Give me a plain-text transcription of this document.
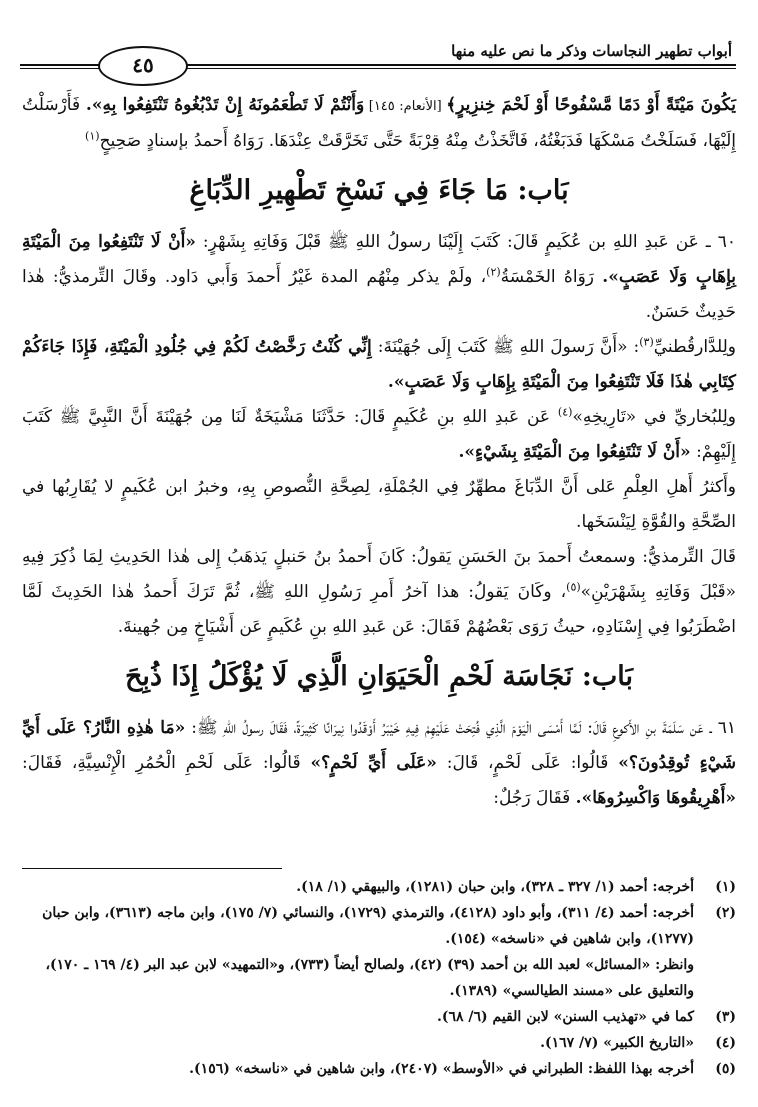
أبواب تطهير النجاسات وذكر ما نص عليه منها
٤٥

يَكُونَ مَيْتَةً أَوْ دَمًا مَّسْفُوحًا أَوْ لَحْمَ خِنزِيرٍ﴾ [الأنعام: ١٤٥] وَأَنْتُمْ لَا تَطْعَمُونَهُ إِنْ تَدْبُغُوهُ تَنْتَفِعُوا بِهِ». فَأَرْسَلْتُ إِلَيْهَا، فَسَلَخْتُ مَسْكَهَا فَدَبَغْتُهُ، فَاتَّخَذْتُ مِنْهُ قِرْبَةً حَتَّى تَخَرَّقَتْ عِنْدَهَا. رَوَاهُ أَحمدُ بإسنادٍ صَحِيحٍ$^{(١)}$

بَاب: مَا جَاءَ فِي نَسْخِ تَطْهِيرِ الدِّبَاغِ

٦٠ ـ عَن عَبدِ اللهِ بن عُكَيمٍ قَالَ: كَتَبَ إِلَيْنَا رسولُ اللهِ ﷺ قَبْلَ وَفَاتِهِ بِشَهْرٍ: «أَنْ لَا تَنْتَفِعُوا مِنَ الْمَيْتَةِ بِإِهَابٍ وَلَا عَصَبٍ». رَوَاهُ الخَمْسَةُ$^{(٢)}$، ولَمْ يذكر مِنْهُم المدة غَيْرُ أَحمدَ وَأَبي دَاود. وقَالَ التِّرمذيُّ: هٰذا حَدِيثٌ حَسَنٌ.

ولِلدَّارقُطنيِّ$^{(٣)}$: «أَنَّ رَسولَ اللهِ ﷺ كَتَبَ إِلَى جُهَيْنَةَ: إِنِّي كُنْتُ رَخَّصْتُ لَكُمْ فِي جُلُودِ الْمَيْتَةِ، فَإِذَا جَاءَكُمْ كِتَابِي هٰذَا فَلَا تَنْتَفِعُوا مِنَ الْمَيْتَةِ بِإِهَابٍ وَلَا عَصَبٍ».

ولِلبُخاريِّ في «تَارِيخِهِ»$^{(٤)}$ عَن عَبدِ اللهِ بنِ عُكَيمٍ قَالَ: حَدَّثَنَا مَشْيَخَةٌ لَنَا مِن جُهَيْنَةَ أَنَّ النَّبِيَّ ﷺ كَتَبَ إِلَيْهِمْ: «أَنْ لَا تَنْتَفِعُوا مِنَ الْمَيْتَةِ بِشَيْءٍ».

وأَكثرُ أَهلِ العِلْمِ عَلى أَنَّ الدِّبَاغَ مطهِّرٌ فِي الجُمْلَةِ، لِصِحَّةِ النُّصوصِ بِهِ، وخبرُ ابن عُكَيمٍ لا يُقَارِبُها في الصِّحَّةِ والقُوَّةِ لِيَنْسَخَها.

قَالَ التِّرمذيُّ: وسمعتُ أَحمدَ بنَ الحَسَنِ يَقولُ: كَانَ أَحمدُ بنُ حَنبلٍ يَذهَبُ إِلى هٰذا الحَدِيثِ لِمَا ذُكِرَ فِيهِ «قَبْلَ وَفَاتِهِ بِشَهْرَيْنِ»$^{(٥)}$، وكَانَ يَقولُ: هذا آخرُ أَمرِ رَسُولِ اللهِ ﷺ، ثُمَّ تَرَكَ أَحمدُ هٰذا الحَدِيثَ لَمَّا اضْطَرَبُوا فِي إِسْنَادِهِ، حيثُ رَوَى بَعْضُهُمْ فَقَالَ: عَن عَبدِ اللهِ بنِ عُكَيمٍ عَن أَشْيَاخٍ مِن جُهينةَ.

بَاب: نَجَاسَة لَحْمِ الْحَيَوَانِ الَّذِي لَا يُؤْكَلُ إِذَا ذُبِحَ

٦١ ـ عَن سَلَمَةَ بنِ الأَكوعِ قَالَ: لَمَّا أَمْسَى الْيَوْمَ الَّذِي فُتِحَتْ عَلَيْهِمْ فِيهِ خَيْبَرُ أَوْقَدُوا نِيرَانًا كَثِيرَةً، فَقَالَ رسولُ اللهِ ﷺ: «مَا هٰذِهِ النَّارُ؟ عَلَى أَيِّ شَيْءٍ تُوقِدُونَ؟» قَالُوا: عَلَى لَحْمٍ، قَالَ: «عَلَى أَيِّ لَحْمٍ؟» قَالُوا: عَلَى لَحْمِ الْحُمُرِ الْإِنْسِيَّةِ، فَقَالَ: «أَهْرِيقُوهَا وَاكْسِرُوهَا». فَقَالَ رَجُلٌ:

(١)
أخرجه: أحمد (١/ ٣٢٧ ـ ٣٢٨)، وابن حبان (١٢٨١)، والبيهقي (١/ ١٨).
(٢)
أخرجه: أحمد (٤/ ٣١١)، وأبو داود (٤١٢٨)، والترمذي (١٧٢٩)، والنسائي (٧/ ١٧٥)، وابن ماجه (٣٦١٣)، وابن حبان (١٢٧٧)، وابن شاهين في «ناسخه» (١٥٤).
وانظر: «المسائل» لعبد الله بن أحمد (٣٩) (٤٢)، ولصالح أيضاً (٧٣٣)، و«التمهيد» لابن عبد البر (٤/ ١٦٩ ـ ١٧٠)، والتعليق على «مسند الطيالسي» (١٣٨٩).
(٣)
كما في «تهذيب السنن» لابن القيم (٦/ ٦٨).
(٤)
«التاريخ الكبير» (٧/ ١٦٧).
(٥)
أخرجه بهذا اللفظ: الطبراني في «الأوسط» (٢٤٠٧)، وابن شاهين في «ناسخه» (١٥٦).
